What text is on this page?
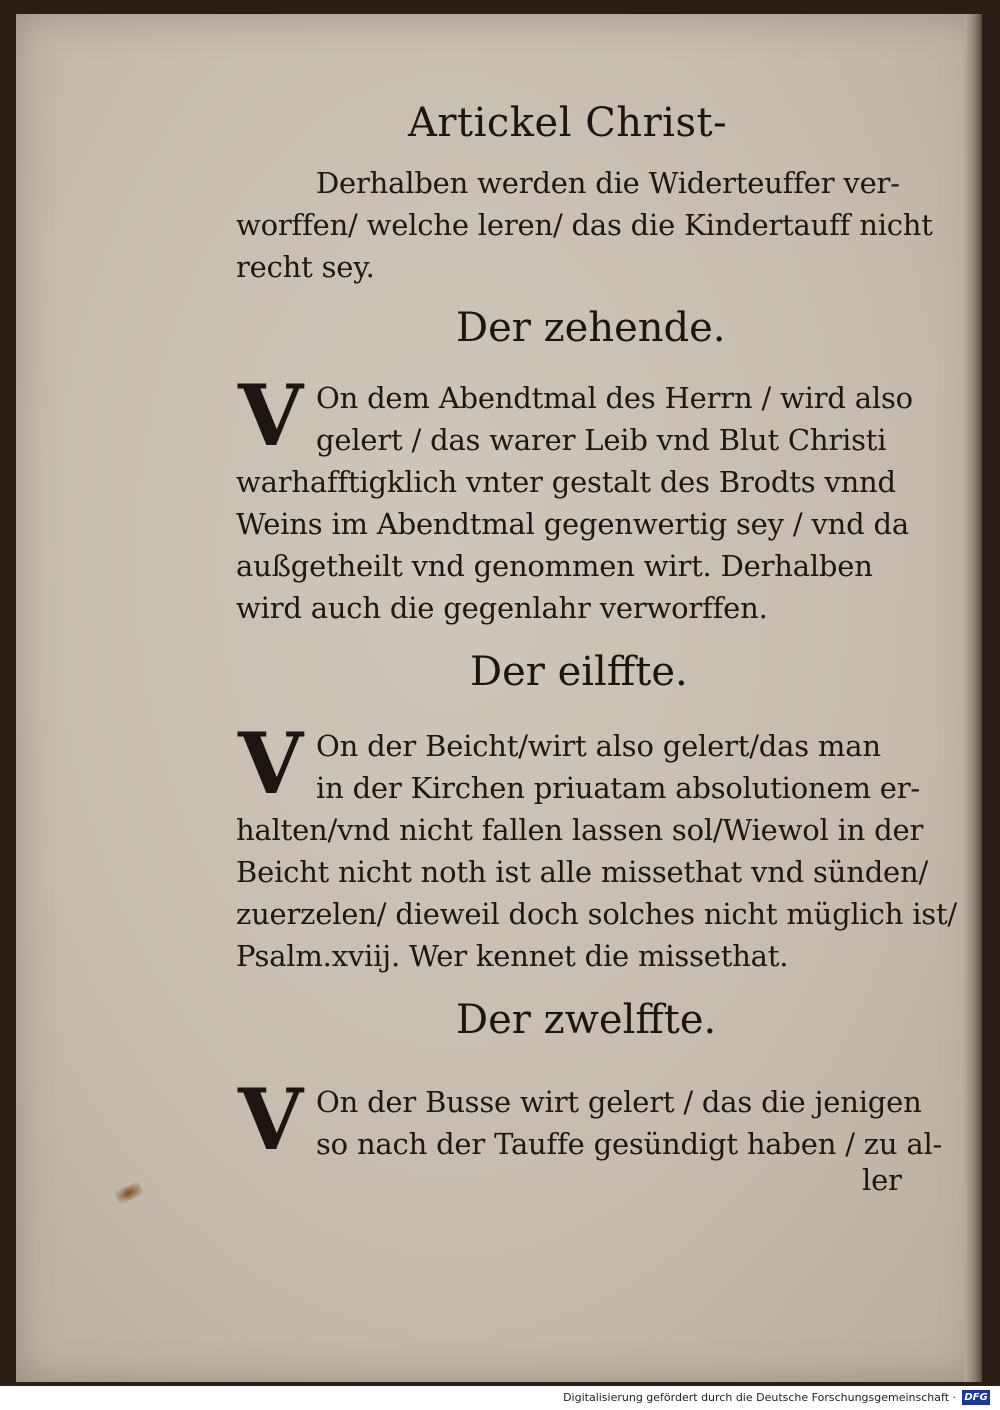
Artickel Christ-
Derhalben werden die Widerteuffer ver-
worffen/ welche leren/ das die Kindertauff nicht
recht sey.
Der zehende.
V On dem Abendtmal des Herrn / wird also
gelert / das warer Leib vnd Blut Christi
warhafftigklich vnter gestalt des Brodts vnnd
Weins im Abendtmal gegenwertig sey / vnd da
außgetheilt vnd genommen wirt. Derhalben
wird auch die gegenlahr verworffen.
Der eilffte.
V On der Beicht/wirt also gelert/das man
in der Kirchen priuatam absolutionem er-
halten/vnd nicht fallen lassen sol/Wiewol in der
Beicht nicht noth ist alle missethat vnd sünden/
zuerzelen/ dieweil doch solches nicht müglich ist/
Psalm.xviij. Wer kennet die missethat.
Der zwelffte.
V On der Busse wirt gelert / das die jenigen
so nach der Tauffe gesündigt haben / zu al-
ler
Digitalisierung gefördert durch die Deutsche Forschungsgemeinschaft · DFG
